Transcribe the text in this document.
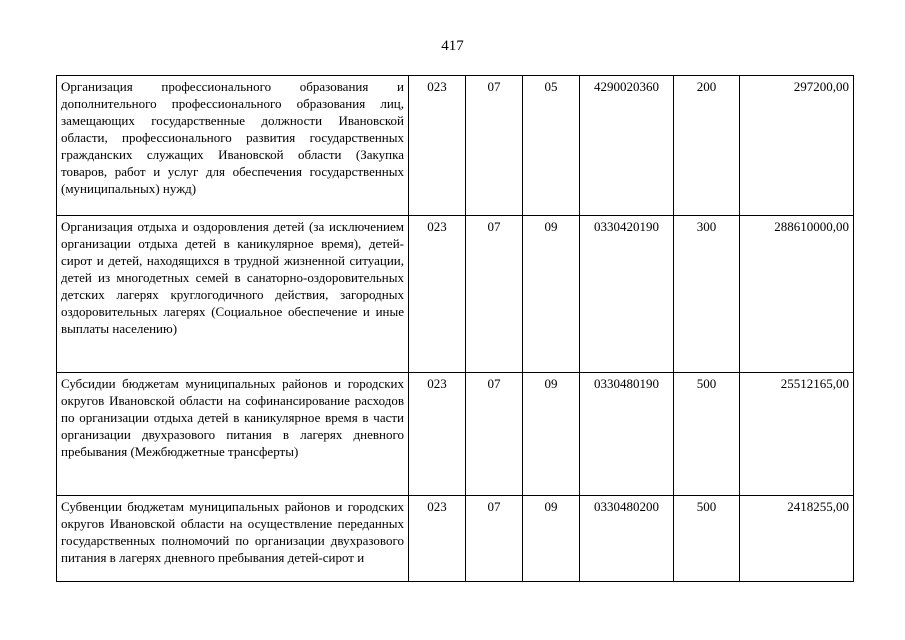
417
Организация профессионального образования и дополнительного профессионального образования лиц, замещающих государственные должности Ивановской области, профессионального развития государственных гражданских служащих Ивановской области (Закупка товаров, работ и услуг для обеспечения государственных (муниципальных) нужд)	023	07	05	4290020360	200	297200,00
Организация отдыха и оздоровления детей (за исключением организации отдыха детей в каникулярное время), детей-сирот и детей, находящихся в трудной жизненной ситуации, детей из многодетных семей в санаторно-оздоровительных детских лагерях круглогодичного действия, загородных оздоровительных лагерях (Социальное обеспечение и иные выплаты населению)	023	07	09	0330420190	300	288610000,00
Субсидии бюджетам муниципальных районов и городских округов Ивановской области на софинансирование расходов по организации отдыха детей в каникулярное время в части организации двухразового питания в лагерях дневного пребывания (Межбюджетные трансферты)	023	07	09	0330480190	500	25512165,00
Субвенции бюджетам муниципальных районов и городских округов Ивановской области на осуществление переданных государственных полномочий по организации двухразового питания в лагерях дневного пребывания детей-сирот и	023	07	09	0330480200	500	2418255,00
